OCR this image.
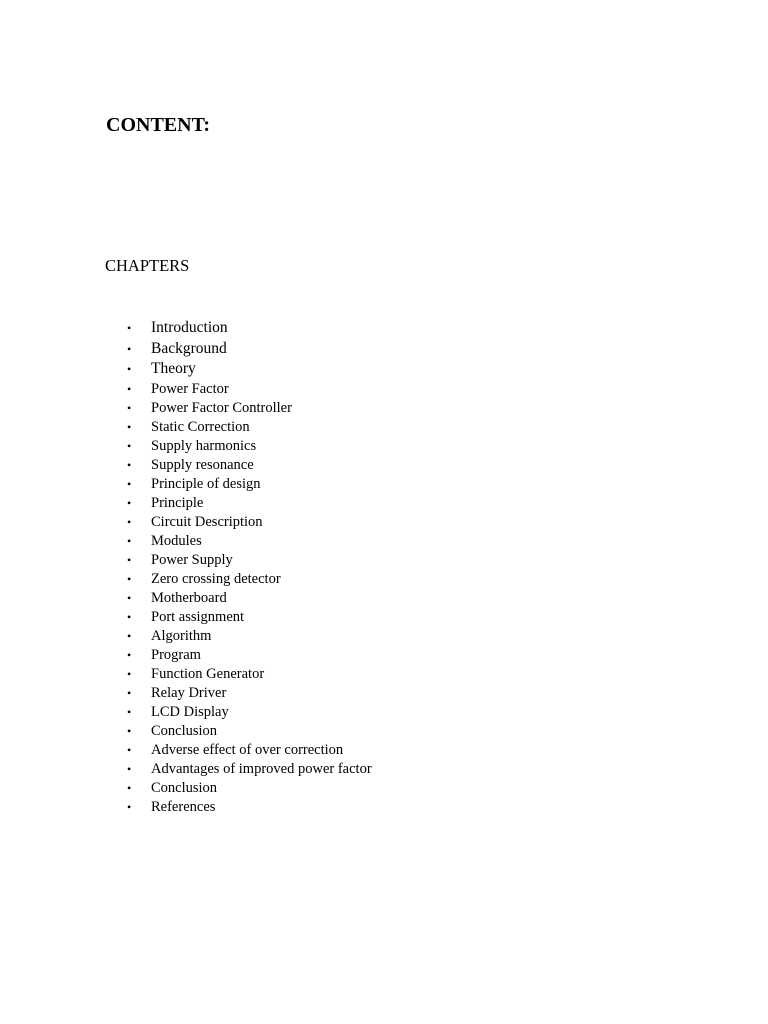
CONTENT:
CHAPTERS
• Introduction
• Background
• Theory
• Power Factor
• Power Factor Controller
• Static Correction
• Supply harmonics
• Supply resonance
• Principle of design
• Principle
• Circuit Description
• Modules
• Power Supply
• Zero crossing detector
• Motherboard
• Port assignment
• Algorithm
• Program
• Function Generator
• Relay Driver
• LCD Display
• Conclusion
• Adverse effect of over correction
• Advantages of improved power factor
• Conclusion
• References
